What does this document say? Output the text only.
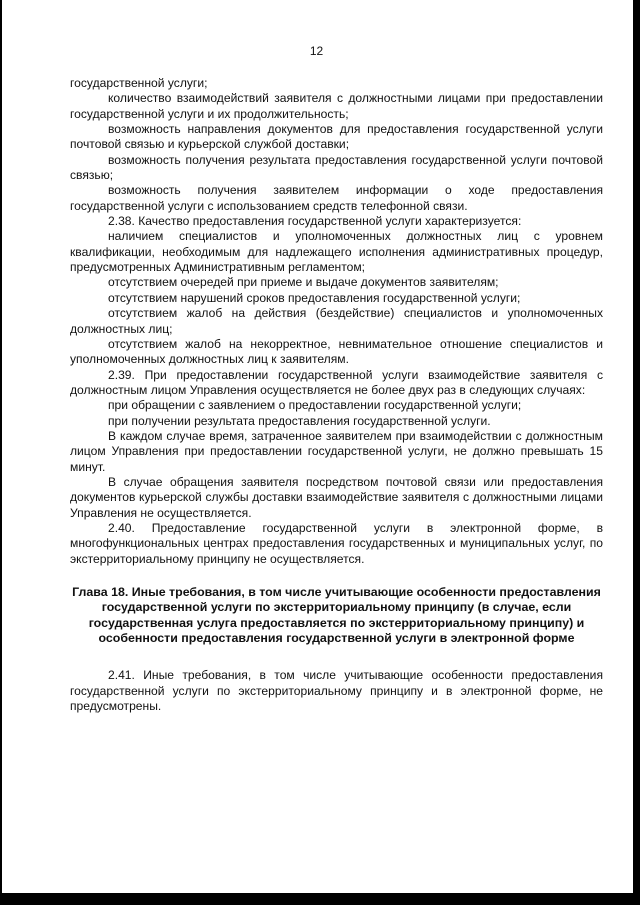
12

государственной услуги;

количество взаимодействий заявителя с должностными лицами при предоставлении государственной услуги и их продолжительность;

возможность направления документов для предоставления государственной услуги почтовой связью и курьерской службой доставки;

возможность получения результата предоставления государственной услуги почтовой связью;

возможность получения заявителем информации о ходе предоставления государственной услуги с использованием средств телефонной связи.

2.38. Качество предоставления государственной услуги характеризуется:

наличием специалистов и уполномоченных должностных лиц с уровнем квалификации, необходимым для надлежащего исполнения административных процедур, предусмотренных Административным регламентом;

отсутствием очередей при приеме и выдаче документов заявителям;

отсутствием нарушений сроков предоставления государственной услуги;

отсутствием жалоб на действия (бездействие) специалистов и уполномоченных должностных лиц;

отсутствием жалоб на некорректное, невнимательное отношение специалистов и уполномоченных должностных лиц к заявителям.

2.39. При предоставлении государственной услуги взаимодействие заявителя с должностным лицом Управления осуществляется не более двух раз в следующих случаях:

при обращении с заявлением о предоставлении государственной услуги;

при получении результата предоставления государственной услуги.

В каждом случае время, затраченное заявителем при взаимодействии с должностным лицом Управления при предоставлении государственной услуги, не должно превышать 15 минут.

В случае обращения заявителя посредством почтовой связи или предоставления документов курьерской службы доставки взаимодействие заявителя с должностными лицами Управления не осуществляется.

2.40. Предоставление государственной услуги в электронной форме, в многофункциональных центрах предоставления государственных и муниципальных услуг, по экстерриториальному принципу не осуществляется.

Глава 18. Иные требования, в том числе учитывающие особенности предоставления государственной услуги по экстерриториальному принципу (в случае, если государственная услуга предоставляется по экстерриториальному принципу) и особенности предоставления государственной услуги в электронной форме

2.41. Иные требования, в том числе учитывающие особенности предоставления государственной услуги по экстерриториальному принципу и в электронной форме, не предусмотрены.
